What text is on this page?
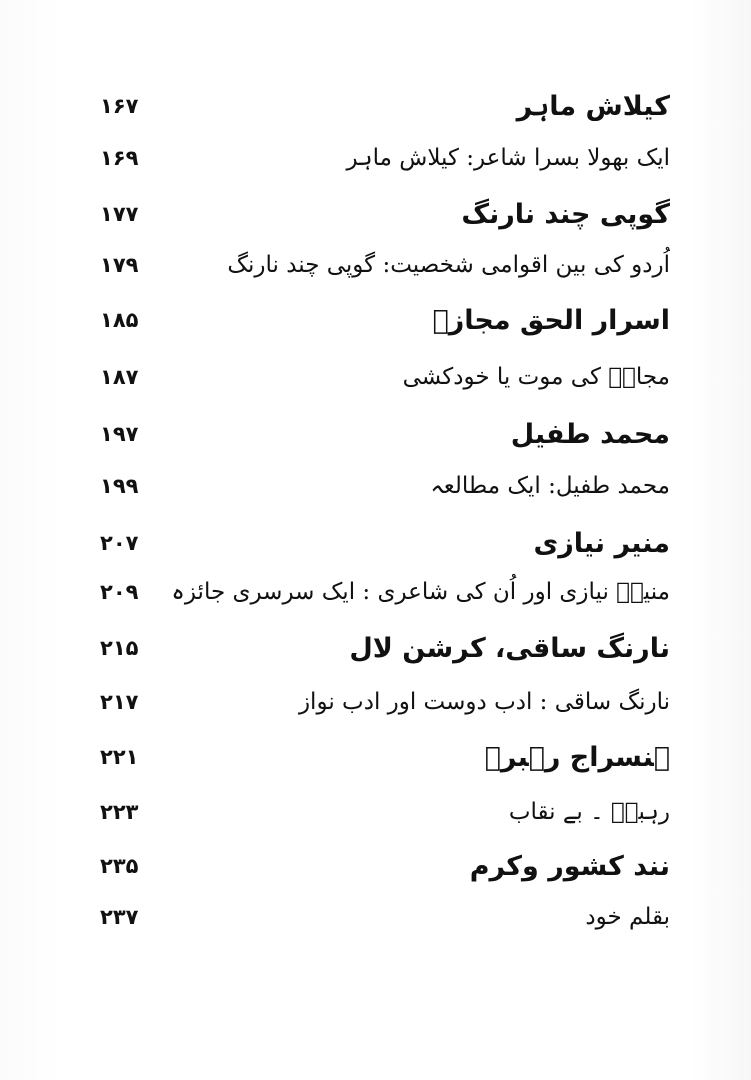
۱۶۷	کیلاش ماہر
۱۶۹	ایک بھولا بسرا شاعر: کیلاش ماہر
۱۷۷	گوپی چند نارنگ
۱۷۹	اُردو کی بین اقوامی شخصیت: گوپی چند نارنگ
۱۸۵	اسرار الحق مجازؔ
۱۸۷	مجازؔ کی موت یا خودکشی
۱۹۷	محمد طفیل
۱۹۹	محمد طفیل: ایک مطالعہ
۲۰۷	منیر نیازی
۲۰۹	منیرؔ نیازی اور اُن کی شاعری : ایک سرسری جائزہ
۲۱۵	نارنگ ساقی، کرشن لال
۲۱۷	نارنگ ساقی : ادب دوست اور ادب نواز
۲۲۱	ہنسراج رہبرؔ
۲۲۳	رہبرؔ ۔ بے نقاب
۲۳۵	نند کشور وکرم
۲۳۷	بقلم خود
